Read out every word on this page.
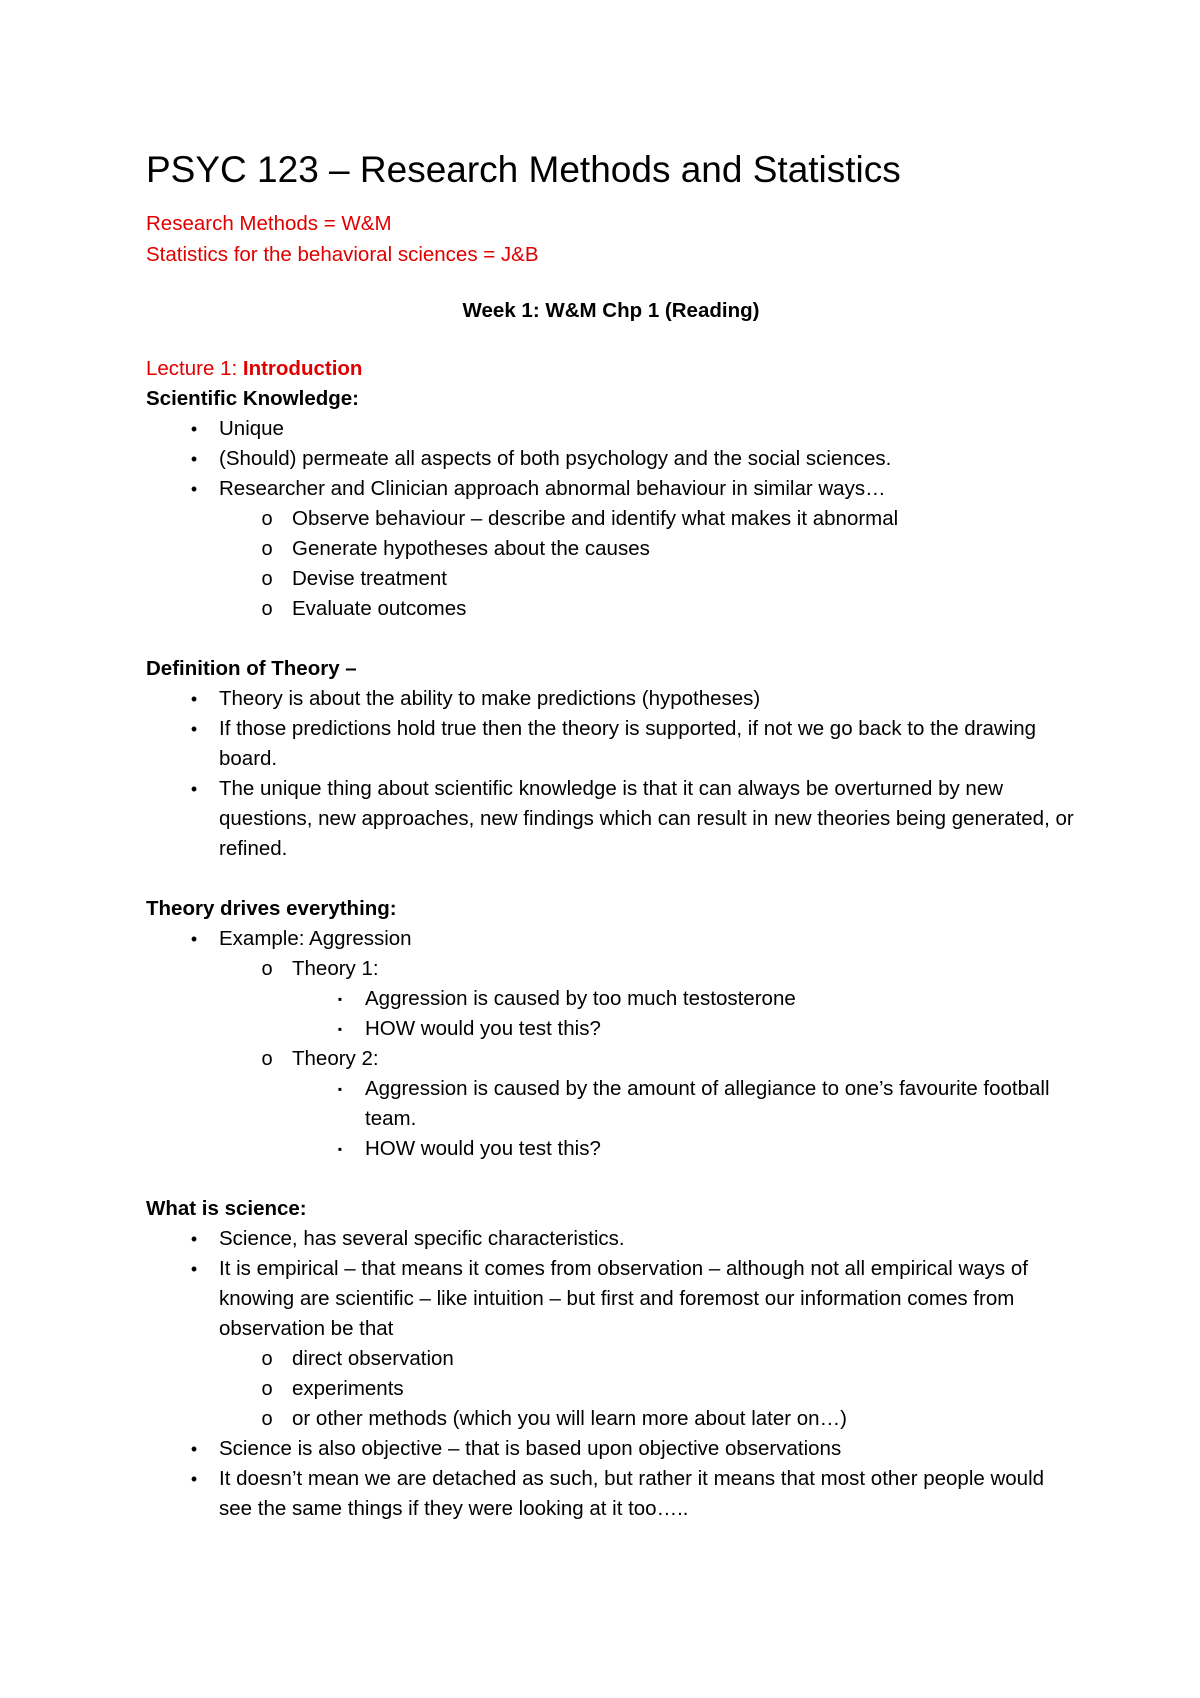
PSYC 123 – Research Methods and Statistics
Research Methods = W&M
Statistics for the behavioral sciences = J&B
Week 1: W&M Chp 1 (Reading)
Lecture 1: Introduction
Scientific Knowledge:
•	Unique
•	(Should) permeate all aspects of both psychology and the social sciences.
•	Researcher and Clinician approach abnormal behaviour in similar ways…
o Observe behaviour – describe and identify what makes it abnormal
o Generate hypotheses about the causes
o Devise treatment
o Evaluate outcomes
Definition of Theory –
•	Theory is about the ability to make predictions (hypotheses)
•	If those predictions hold true then the theory is supported, if not we go back to the drawing board.
•	The unique thing about scientific knowledge is that it can always be overturned by new questions, new approaches, new findings which can result in new theories being generated, or refined.
Theory drives everything:
•	Example: Aggression
o Theory 1:
▪	Aggression is caused by too much testosterone
▪	HOW would you test this?
o Theory 2:
▪	Aggression is caused by the amount of allegiance to one’s favourite football team.
▪	HOW would you test this?
What is science:
•	Science, has several specific characteristics.
•	It is empirical – that means it comes from observation – although not all empirical ways of knowing are scientific – like intuition – but first and foremost our information comes from observation be that
o direct observation
o experiments
o or other methods (which you will learn more about later on…)
•	Science is also objective – that is based upon objective observations
•	It doesn’t mean we are detached as such, but rather it means that most other people would see the same things if they were looking at it too…..
